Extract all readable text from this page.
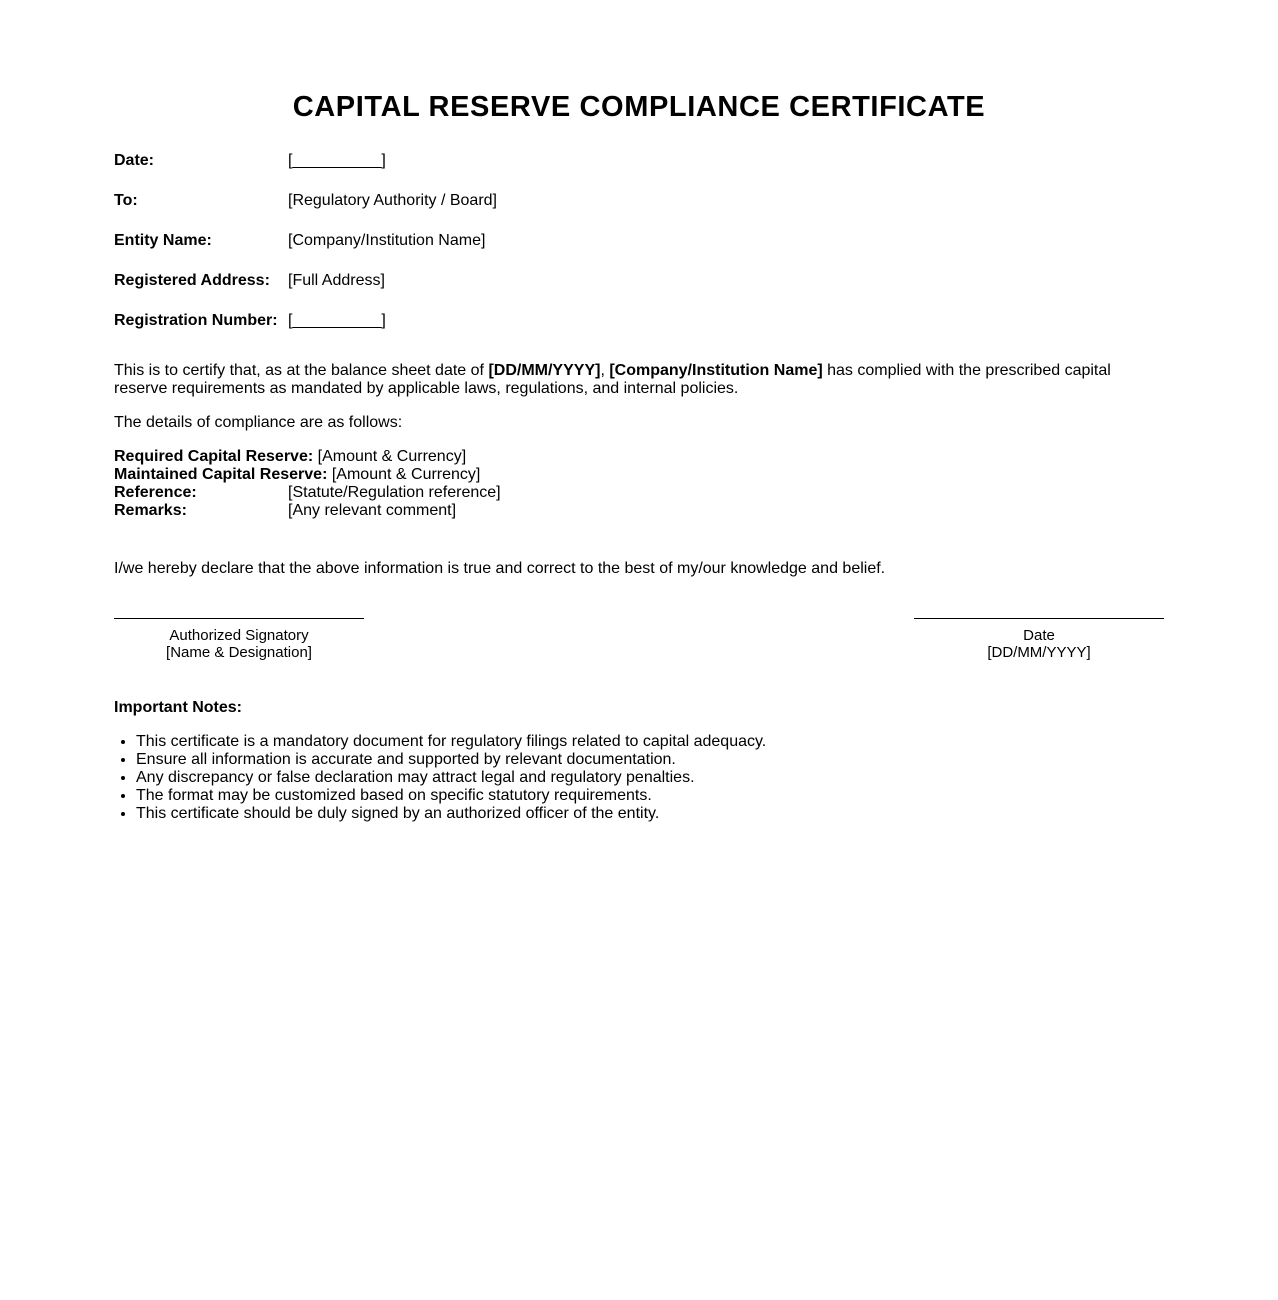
CAPITAL RESERVE COMPLIANCE CERTIFICATE
Date:	[__________]
To:	[Regulatory Authority / Board]
Entity Name:	[Company/Institution Name]
Registered Address: [Full Address]
Registration Number: [__________]

This is to certify that, as at the balance sheet date of [DD/MM/YYYY], [Company/Institution Name] has complied with the prescribed capital reserve requirements as mandated by applicable laws, regulations, and internal policies.

The details of compliance are as follows:

Required Capital Reserve: [Amount & Currency]
Maintained Capital Reserve: [Amount & Currency]
Reference:	[Statute/Regulation reference]
Remarks:	[Any relevant comment]

I/we hereby declare that the above information is true and correct to the best of my/our knowledge and belief.

Authorized Signatory
[Name & Designation]
Date
[DD/MM/YYYY]
Important Notes:
• This certificate is a mandatory document for regulatory filings related to capital adequacy.
• Ensure all information is accurate and supported by relevant documentation.
• Any discrepancy or false declaration may attract legal and regulatory penalties.
• The format may be customized based on specific statutory requirements.
• This certificate should be duly signed by an authorized officer of the entity.
